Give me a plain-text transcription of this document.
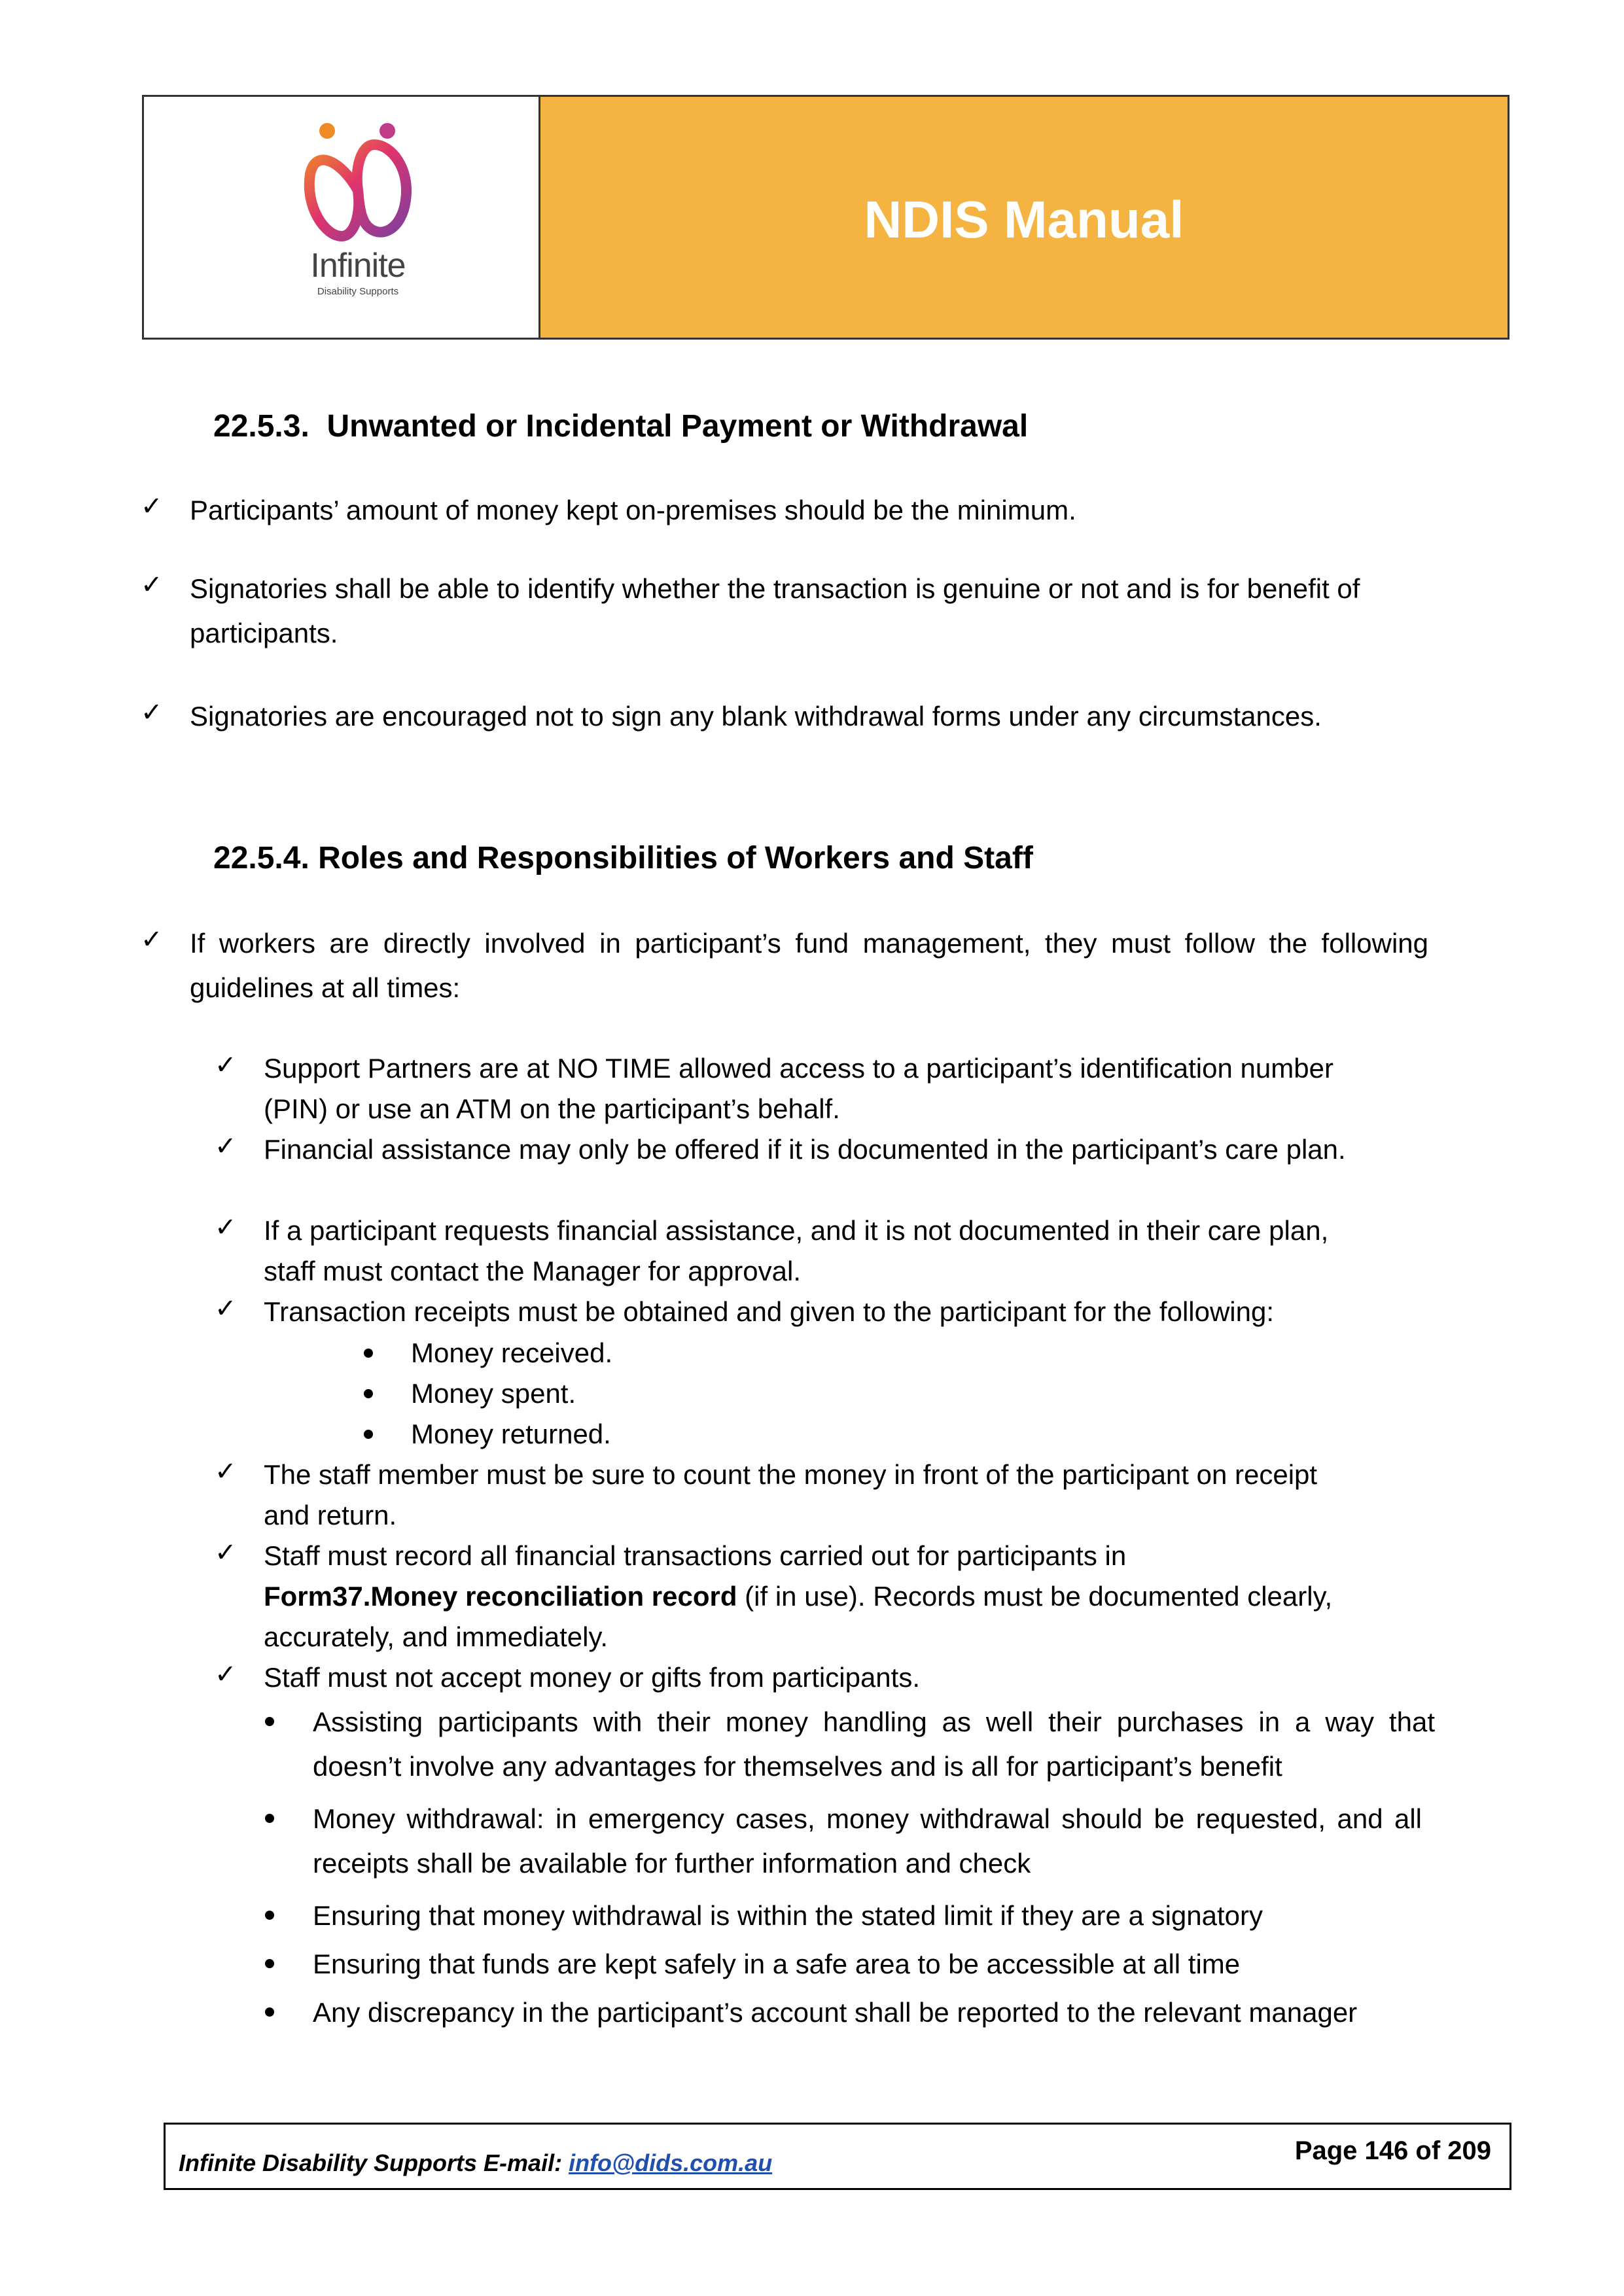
Infinite
Disability Supports
NDIS Manual
22.5.3. Unwanted or Incidental Payment or Withdrawal
✓ Participants’ amount of money kept on-premises should be the minimum.
✓ Signatories shall be able to identify whether the transaction is genuine or not and is for benefit of participants.
✓ Signatories are encouraged not to sign any blank withdrawal forms under any circumstances.
22.5.4. Roles and Responsibilities of Workers and Staff
✓ If workers are directly involved in participant’s fund management, they must follow the following guidelines at all times:
✓ Support Partners are at NO TIME allowed access to a participant’s identification number (PIN) or use an ATM on the participant’s behalf.
✓ Financial assistance may only be offered if it is documented in the participant’s care plan.
✓ If a participant requests financial assistance, and it is not documented in their care plan, staff must contact the Manager for approval.
✓ Transaction receipts must be obtained and given to the participant for the following:
Money received.
Money spent.
Money returned.
✓ The staff member must be sure to count the money in front of the participant on receipt and return.
✓ Staff must record all financial transactions carried out for participants in
Form37.Money reconciliation record (if in use). Records must be documented clearly, accurately, and immediately.
✓ Staff must not accept money or gifts from participants.
Assisting participants with their money handling as well their purchases in a way that doesn’t involve any advantages for themselves and is all for participant’s benefit
Money withdrawal: in emergency cases, money withdrawal should be requested, and all receipts shall be available for further information and check
Ensuring that money withdrawal is within the stated limit if they are a signatory
Ensuring that funds are kept safely in a safe area to be accessible at all time
Any discrepancy in the participant’s account shall be reported to the relevant manager
Infinite Disability Supports E-mail: info@dids.com.au	Page 146 of 209
